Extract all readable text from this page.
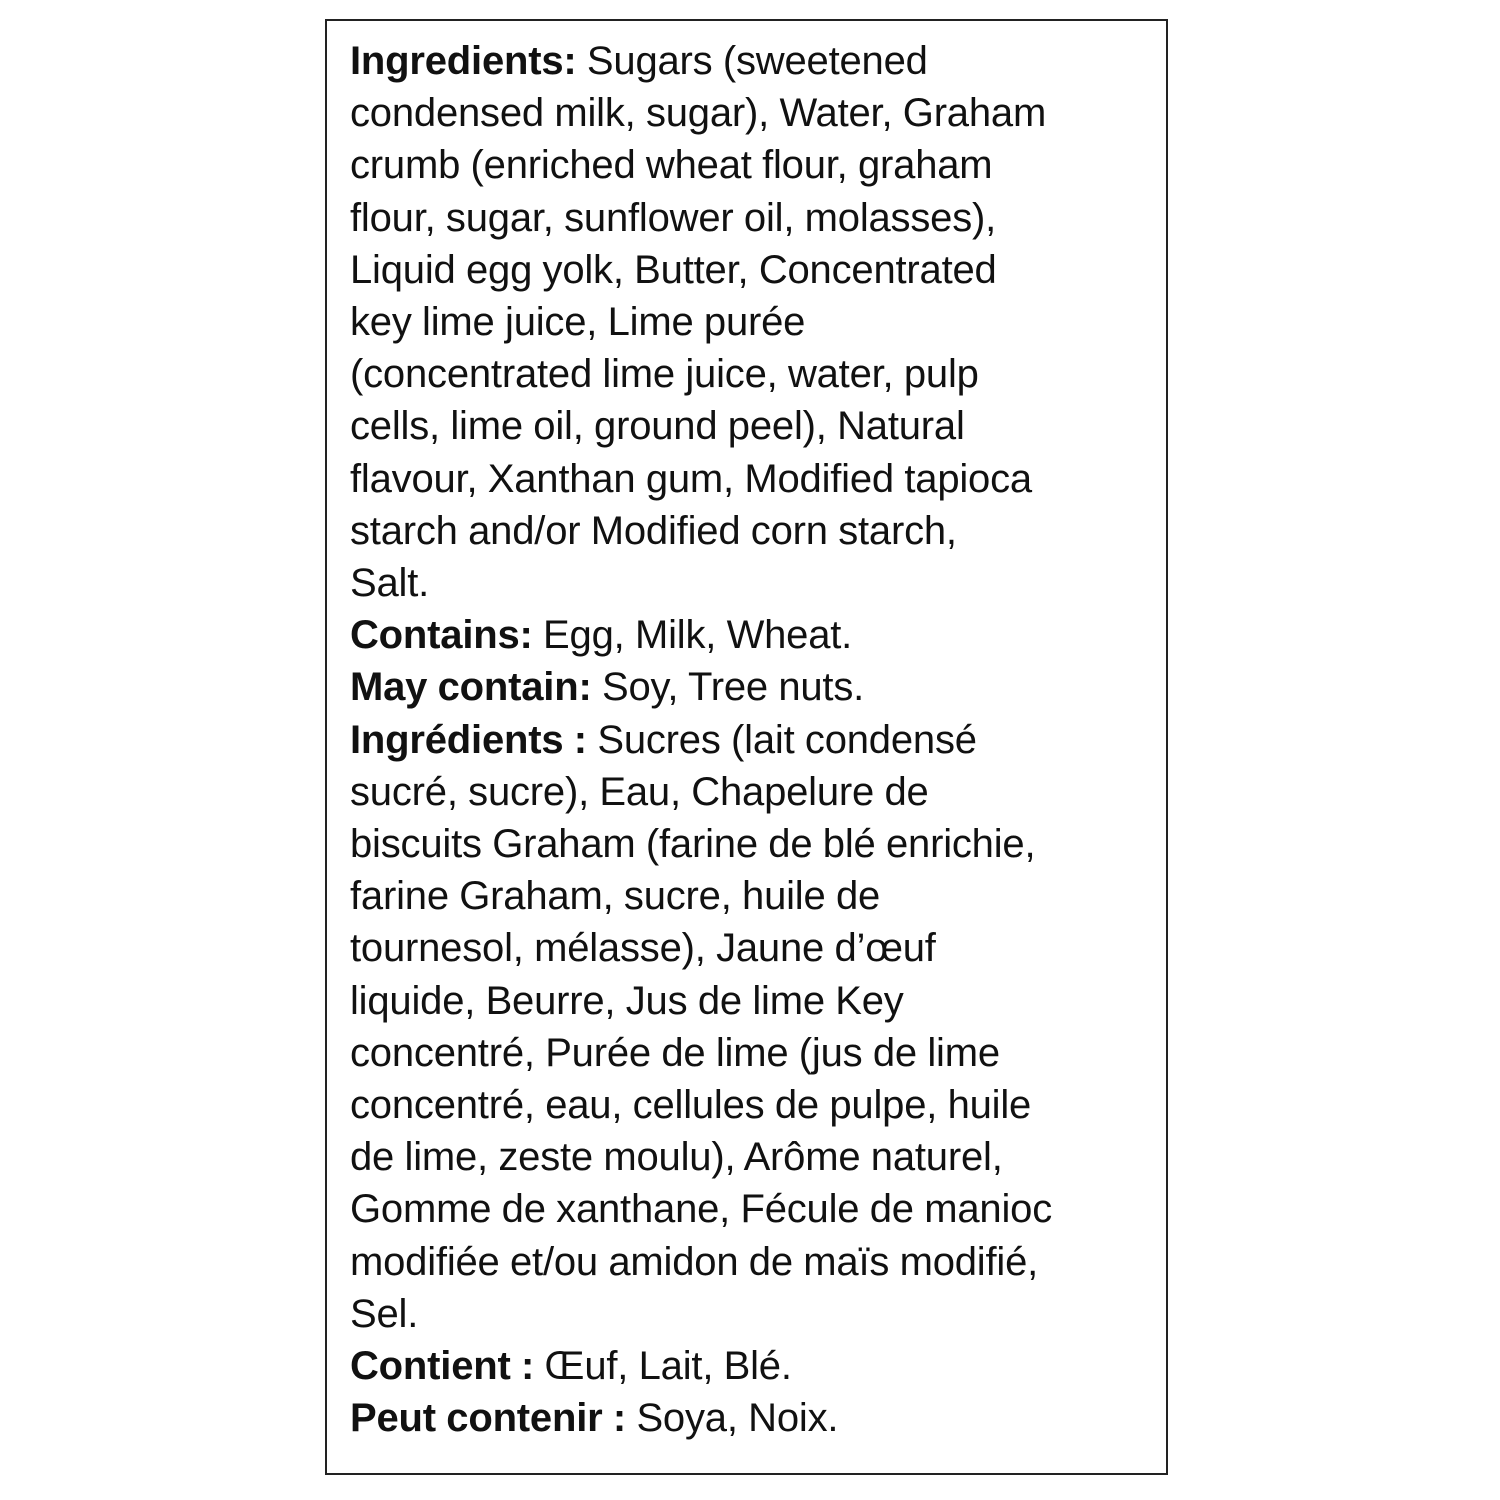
Ingredients: Sugars (sweetened
condensed milk, sugar), Water, Graham
crumb (enriched wheat flour, graham
flour, sugar, sunflower oil, molasses),
Liquid egg yolk, Butter, Concentrated
key lime juice, Lime purée
(concentrated lime juice, water, pulp
cells, lime oil, ground peel), Natural
flavour, Xanthan gum, Modified tapioca
starch and/or Modified corn starch,
Salt.

Contains: Egg, Milk, Wheat.

May contain: Soy, Tree nuts.

Ingrédients : Sucres (lait condensé
sucré, sucre), Eau, Chapelure de
biscuits Graham (farine de blé enrichie,
farine Graham, sucre, huile de
tournesol, mélasse), Jaune d’œuf
liquide, Beurre, Jus de lime Key
concentré, Purée de lime (jus de lime
concentré, eau, cellules de pulpe, huile
de lime, zeste moulu), Arôme naturel,
Gomme de xanthane, Fécule de manioc
modifiée et/ou amidon de maïs modifié,
Sel.

Contient : Œuf, Lait, Blé.

Peut contenir : Soya, Noix.
